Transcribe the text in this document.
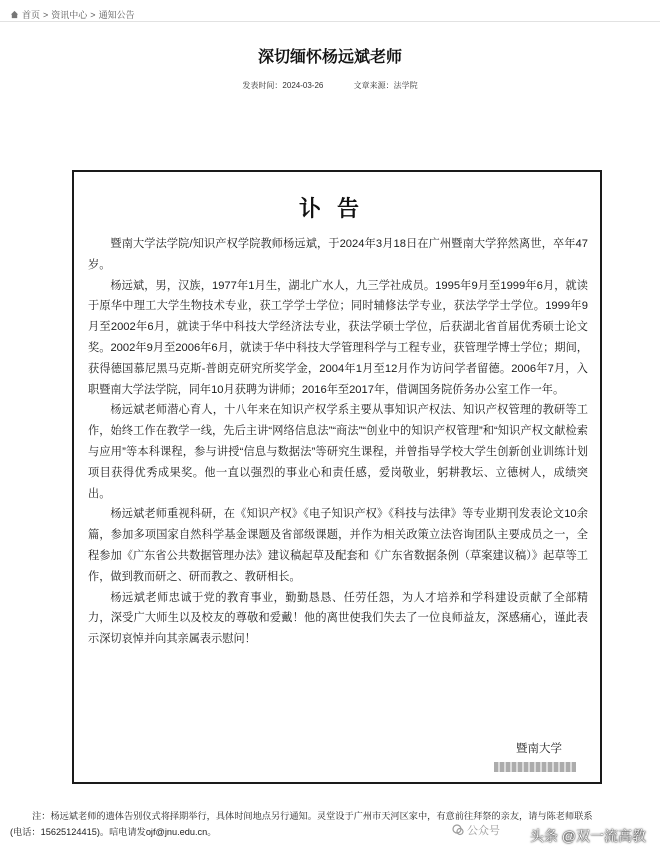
首页 > 资讯中心 > 通知公告
深切缅怀杨远斌老师
发表时间：2024-03-26	文章来源：法学院
讣告

暨南大学法学院/知识产权学院教师杨远斌，于2024年3月18日在广州暨南大学猝然离世，卒年47岁。

杨远斌，男，汉族，1977年1月生，湖北广水人，九三学社成员。1995年9月至1999年6月，就读于原华中理工大学生物技术专业，获工学学士学位；同时辅修法学专业，获法学学士学位。1999年9月至2002年6月，就读于华中科技大学经济法专业，获法学硕士学位，后获湖北省首届优秀硕士论文奖。2002年9月至2006年6月，就读于华中科技大学管理科学与工程专业，获管理学博士学位；期间，获得德国慕尼黑马克斯-普朗克研究所奖学金，2004年1月至12月作为访问学者留德。2006年7月，入职暨南大学法学院，同年10月获聘为讲师；2016年至2017年，借调国务院侨务办公室工作一年。

杨远斌老师潜心育人，十八年来在知识产权学系主要从事知识产权法、知识产权管理的教研等工作，始终工作在教学一线，先后主讲“网络信息法”“商法”“创业中的知识产权管理”和“知识产权文献检索与应用”等本科课程，参与讲授“信息与数据法”等研究生课程，并曾指导学校大学生创新创业训练计划项目获得优秀成果奖。他一直以强烈的事业心和责任感，爱岗敬业，躬耕教坛、立德树人，成绩突出。

杨远斌老师重视科研，在《知识产权》《电子知识产权》《科技与法律》等专业期刊发表论文10余篇，参加多项国家自然科学基金课题及省部级课题，并作为相关政策立法咨询团队主要成员之一，全程参加《广东省公共数据管理办法》建议稿起草及配套和《广东省数据条例（草案建议稿）》起草等工作，做到教而研之、研而教之、教研相长。

杨远斌老师忠诚于党的教育事业，勤勤恳恳、任劳任怨，为人才培养和学科建设贡献了全部精力，深受广大师生以及校友的尊敬和爱戴！他的离世使我们失去了一位良师益友，深感痛心，谨此表示深切哀悼并向其亲属表示慰问！

暨南大学

注：杨远斌老师的遗体告别仪式将择期举行，具体时间地点另行通知。灵堂设于广州市天河区家中，有意前往拜祭的亲友，请与陈老师联系

(电话：15625124415)。唁电请发ojf@jnu.edu.cn。	公众号 头条 @双一流高教
